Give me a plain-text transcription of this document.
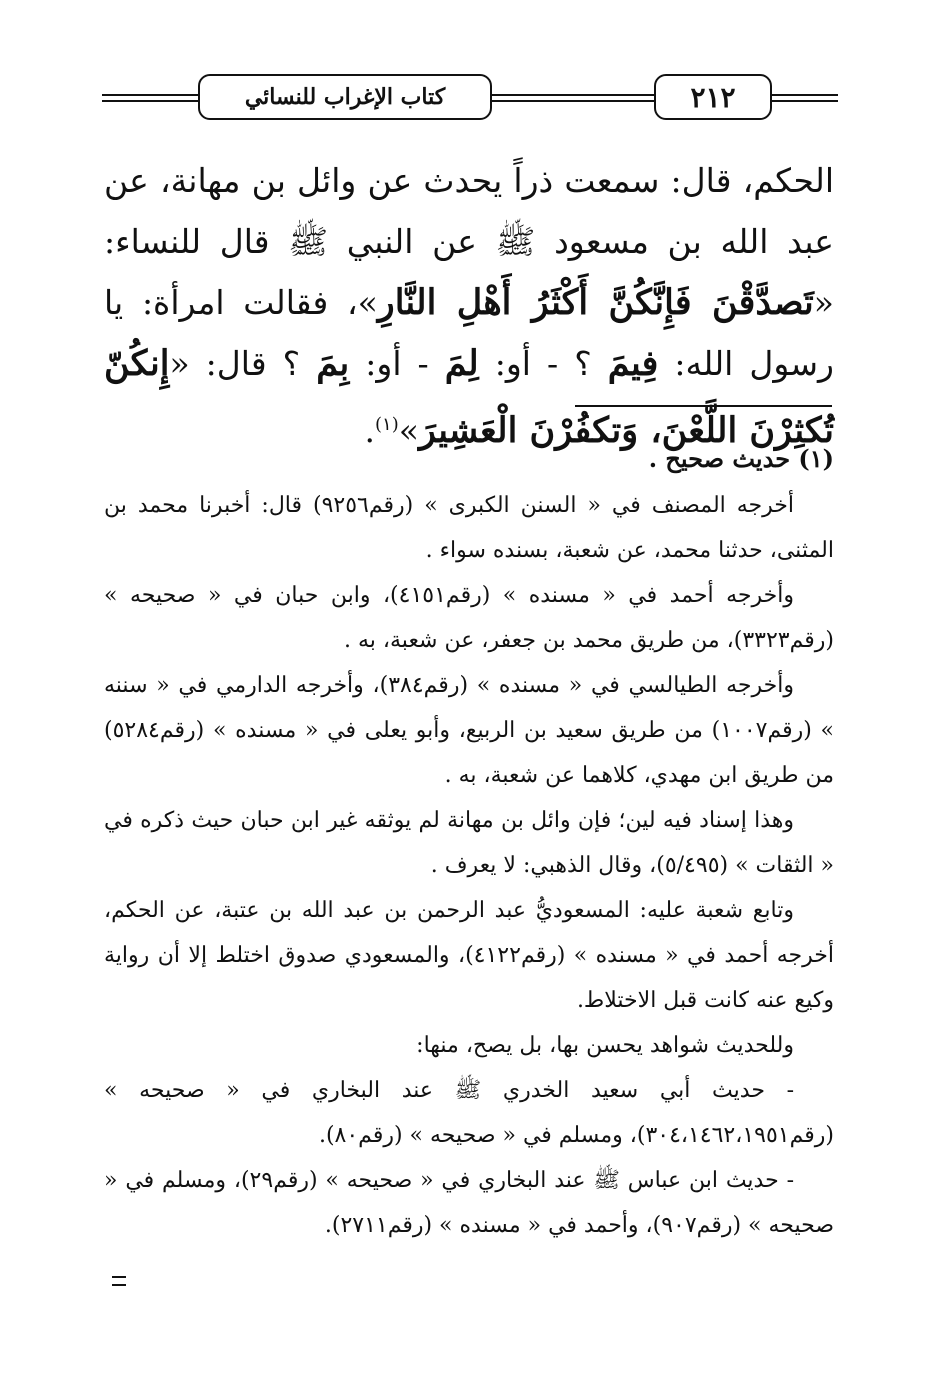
كتاب الإغراب للنسائي	٢١٢

الحكم، قال: سمعت ذراً يحدث عن وائل بن مهانة، عن عبد الله بن مسعود ﷺ عن النبي ﷺ قال للنساء: «تَصدَّقْنَ فَإِنَّكُنَّ أَكْثَرُ أَهْلِ النَّارِ»، فقالت امرأة: يا رسول الله: فِيمَ ؟ - أو: لِمَ - أو: بِمَ ؟ قال: «إِنكُنّ تُكثِرْنَ اللَّعْنَ، وَتكفُرْنَ الْعَشِيرَ»$^{(١)}$.

(١) حديث صحيح .

أخرجه المصنف في « السنن الكبرى » (رقم٩٢٥٦) قال: أخبرنا محمد بن المثنى، حدثنا محمد، عن شعبة، بسنده سواء .

وأخرجه أحمد في « مسنده » (رقم٤١٥١)، وابن حبان في « صحيحه » (رقم٣٣٢٣)، من طريق محمد بن جعفر، عن شعبة، به .

وأخرجه الطيالسي في « مسنده » (رقم٣٨٤)، وأخرجه الدارمي في « سننه » (رقم١٠٠٧) من طريق سعيد بن الربيع، وأبو يعلى في « مسنده » (رقم٥٢٨٤) من طريق ابن مهدي، كلاهما عن شعبة، به .

وهذا إسناد فيه لين؛ فإن وائل بن مهانة لم يوثقه غير ابن حبان حيث ذكره في « الثقات » (٥/٤٩٥)، وقال الذهبي: لا يعرف .

وتابع شعبة عليه: المسعوديُّ عبد الرحمن بن عبد الله بن عتبة، عن الحكم، أخرجه أحمد في « مسنده » (رقم٤١٢٢)، والمسعودي صدوق اختلط إلا أن رواية وكيع عنه كانت قبل الاختلاط.

وللحديث شواهد يحسن بها، بل يصح، منها:

- حديث أبي سعيد الخدري ﷺ عند البخاري في « صحيحه » (رقم٣٠٤،١٤٦٢،١٩٥١)، ومسلم في « صحيحه » (رقم٨٠).

- حديث ابن عباس ﷺ عند البخاري في « صحيحه » (رقم٢٩)، ومسلم في « صحيحه » (رقم٩٠٧)، وأحمد في « مسنده » (رقم٢٧١١).
